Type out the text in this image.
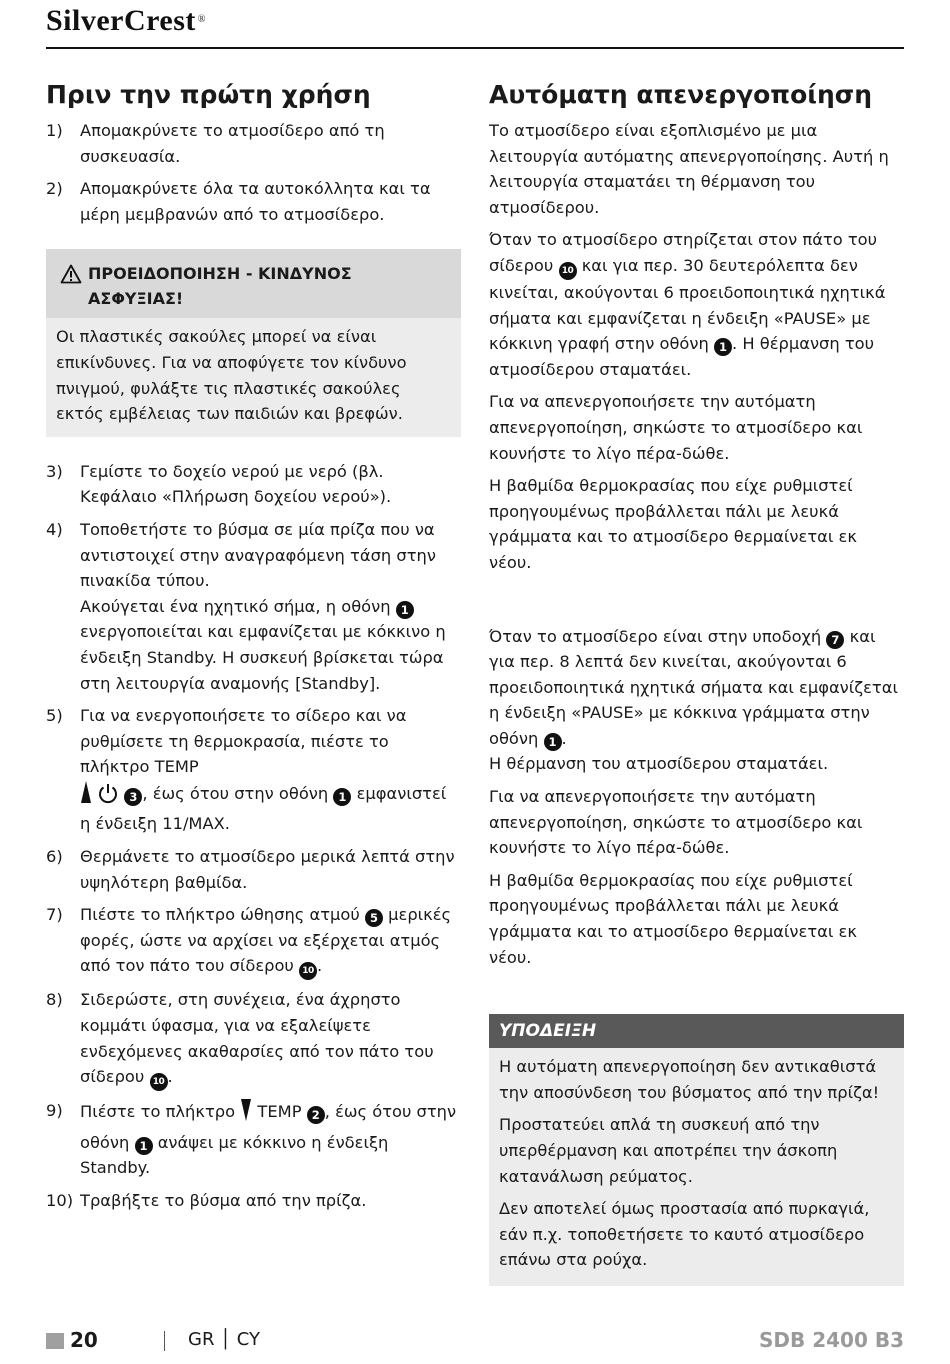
SilverCrest ®
Πριν την πρώτη χρήση
1) Απομακρύνετε το ατμοσίδερο από τη συσκευασία.
2) Απομακρύνετε όλα τα αυτοκόλλητα και τα μέρη μεμβρανών από το ατμοσίδερο.
ΠΡΟΕΙΔΟΠΟΙΗΣΗ - ΚΙΝΔΥΝΟΣ ΑΣΦΥΞΙΑΣ!
Οι πλαστικές σακούλες μπορεί να είναι επικίνδυνες. Για να αποφύγετε τον κίνδυνο πνιγμού, φυλάξτε τις πλαστικές σακούλες εκτός εμβέλειας των παιδιών και βρεφών.
3) Γεμίστε το δοχείο νερού με νερό (βλ. Κεφάλαιο «Πλήρωση δοχείου νερού»).
4) Τοποθετήστε το βύσμα σε μία πρίζα που να αντιστοιχεί στην αναγραφόμενη τάση στην πινακίδα τύπου.
Ακούγεται ένα ηχητικό σήμα, η οθόνη 1 ενεργοποιείται και εμφανίζεται με κόκκινο η ένδειξη Standby. Η συσκευή βρίσκεται τώρα στη λειτουργία αναμονής [Standby].
5) Για να ενεργοποιήσετε το σίδερο και να ρυθμίσετε τη θερμοκρασία, πιέστε το πλήκτρο TEMP
3 , έως ότου στην οθόνη 1 εμφανιστεί η ένδειξη 11/MAX.
6) Θερμάνετε το ατμοσίδερο μερικά λεπτά στην υψηλότερη βαθμίδα.
7) Πιέστε το πλήκτρο ώθησης ατμού 5 μερικές φορές, ώστε να αρχίσει να εξέρχεται ατμός από τον πάτο του σίδερου 10 .
8) Σιδερώστε, στη συνέχεια, ένα άχρηστο κομμάτι ύφασμα, για να εξαλείψετε ενδεχόμενες ακαθαρσίες από τον πάτο του σίδερου 10 .
9) Πιέστε το πλήκτρο TEMP 2 , έως ότου στην οθόνη 1 ανάψει με κόκκινο η ένδειξη Standby.
10) Τραβήξτε το βύσμα από την πρίζα.
Αυτόματη απενεργοποίηση

Το ατμοσίδερο είναι εξοπλισμένο με μια λειτουργία αυτόματης απενεργοποίησης. Αυτή η λειτουργία σταματάει τη θέρμανση του ατμοσίδερου.

Όταν το ατμοσίδερο στηρίζεται στον πάτο του σίδερου 10 και για περ. 30 δευτερόλεπτα δεν κινείται, ακούγονται 6 προειδοποιητικά ηχητικά σήματα και εμφανίζεται η ένδειξη «PAUSE» με κόκκινη γραφή στην οθόνη 1 . Η θέρμανση του ατμοσίδερου σταματάει.

Για να απενεργοποιήσετε την αυτόματη απενεργοποίηση, σηκώστε το ατμοσίδερο και κουνήστε το λίγο πέρα-δώθε.

Η βαθμίδα θερμοκρασίας που είχε ρυθμιστεί προηγουμένως προβάλλεται πάλι με λευκά γράμματα και το ατμοσίδερο θερμαίνεται εκ νέου.

Όταν το ατμοσίδερο είναι στην υποδοχή 7 και για περ. 8 λεπτά δεν κινείται, ακούγονται 6 προειδοποιητικά ηχητικά σήματα και εμφανίζεται η ένδειξη «PAUSE» με κόκκινα γράμματα στην οθόνη 1 .
Η θέρμανση του ατμοσίδερου σταματάει.

Για να απενεργοποιήσετε την αυτόματη απενεργοποίηση, σηκώστε το ατμοσίδερο και κουνήστε το λίγο πέρα-δώθε.

Η βαθμίδα θερμοκρασίας που είχε ρυθμιστεί προηγουμένως προβάλλεται πάλι με λευκά γράμματα και το ατμοσίδερο θερμαίνεται εκ νέου.

ΥΠΟΔΕΙΞΗ

Η αυτόματη απενεργοποίηση δεν αντικαθιστά την αποσύνδεση του βύσματος από την πρίζα!

Προστατεύει απλά τη συσκευή από την υπερθέρμανση και αποτρέπει την άσκοπη κατανάλωση ρεύματος.

Δεν αποτελεί όμως προστασία από πυρκαγιά, εάν π.χ. τοποθετήσετε το καυτό ατμοσίδερο επάνω στα ρούχα.

20	GR │ CY	SDB 2400 B3
